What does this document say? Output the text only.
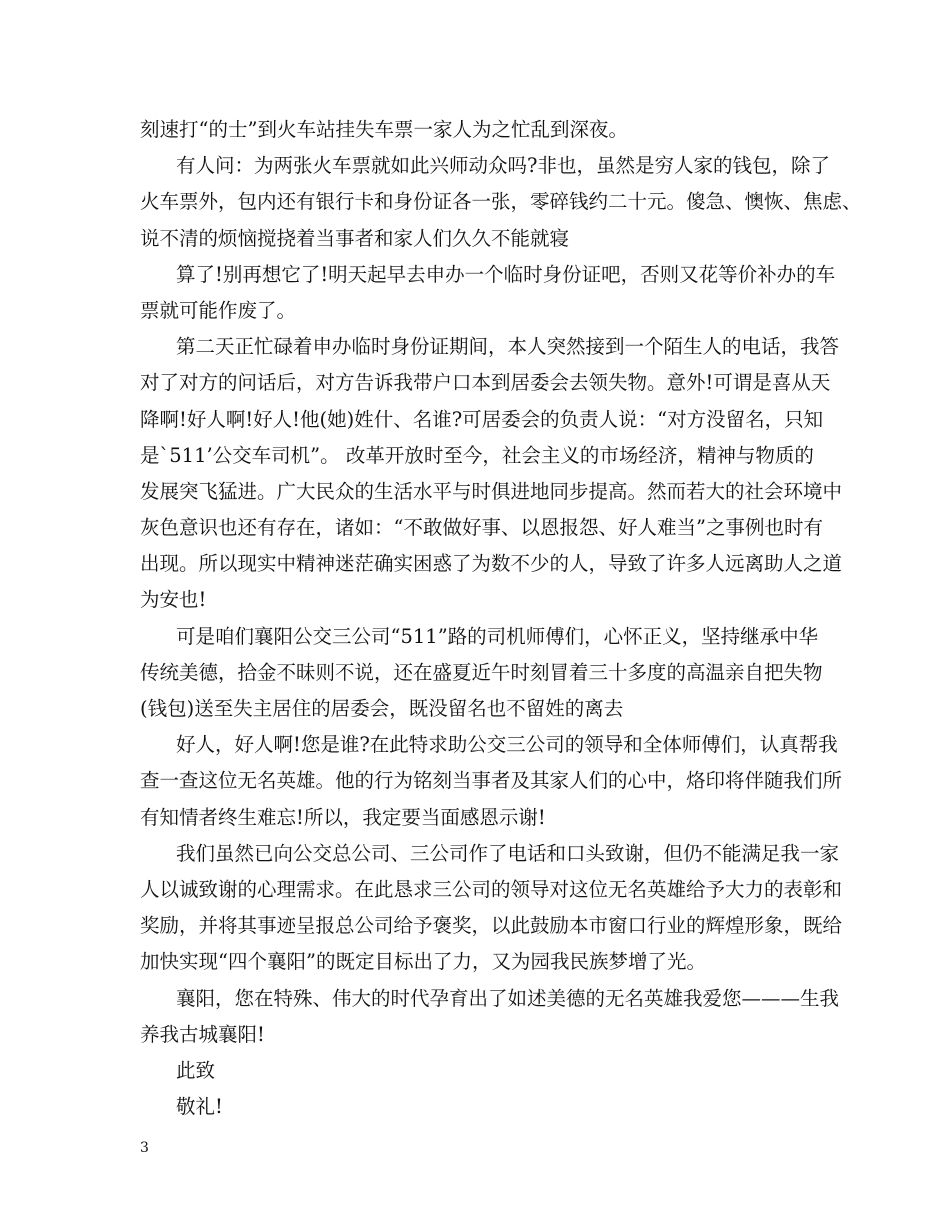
刻速打“的士”到火车站挂失车票一家人为之忙乱到深夜。
有人问：为两张火车票就如此兴师动众吗?非也，虽然是穷人家的钱包，除了
火车票外，包内还有银行卡和身份证各一张，零碎钱约二十元。傻急、懊恢、焦虑、
说不清的烦恼搅挠着当事者和家人们久久不能就寝
算了!别再想它了!明天起早去申办一个临时身份证吧，否则又花等价补办的车
票就可能作废了。
第二天正忙碌着申办临时身份证期间，本人突然接到一个陌生人的电话，我答
对了对方的问话后，对方告诉我带户口本到居委会去领失物。意外!可谓是喜从天
降啊!好人啊!好人!他(她)姓什、名谁?可居委会的负责人说：“对方没留名，只知
是`511’公交车司机”。 改革开放时至今，社会主义的市场经济，精神与物质的
发展突飞猛进。广大民众的生活水平与时俱进地同步提高。然而若大的社会环境中
灰色意识也还有存在，诸如：“不敢做好事、以恩报怨、好人难当”之事例也时有
出现。所以现实中精神迷茫确实困惑了为数不少的人，导致了许多人远离助人之道
为安也!
可是咱们襄阳公交三公司“511”路的司机师傅们，心怀正义，坚持继承中华
传统美德，拾金不昧则不说，还在盛夏近午时刻冒着三十多度的高温亲自把失物
(钱包)送至失主居住的居委会，既没留名也不留姓的离去
好人，好人啊!您是谁?在此特求助公交三公司的领导和全体师傅们，认真帮我
查一查这位无名英雄。他的行为铭刻当事者及其家人们的心中，烙印将伴随我们所
有知情者终生难忘!所以，我定要当面感恩示谢!
我们虽然已向公交总公司、三公司作了电话和口头致谢，但仍不能满足我一家
人以诚致谢的心理需求。在此恳求三公司的领导对这位无名英雄给予大力的表彰和
奖励，并将其事迹呈报总公司给予褒奖，以此鼓励本市窗口行业的辉煌形象，既给
加快实现“四个襄阳”的既定目标出了力，又为园我民族梦增了光。
襄阳，您在特殊、伟大的时代孕育出了如述美德的无名英雄我爱您———生我
养我古城襄阳!
此致
敬礼!
3
